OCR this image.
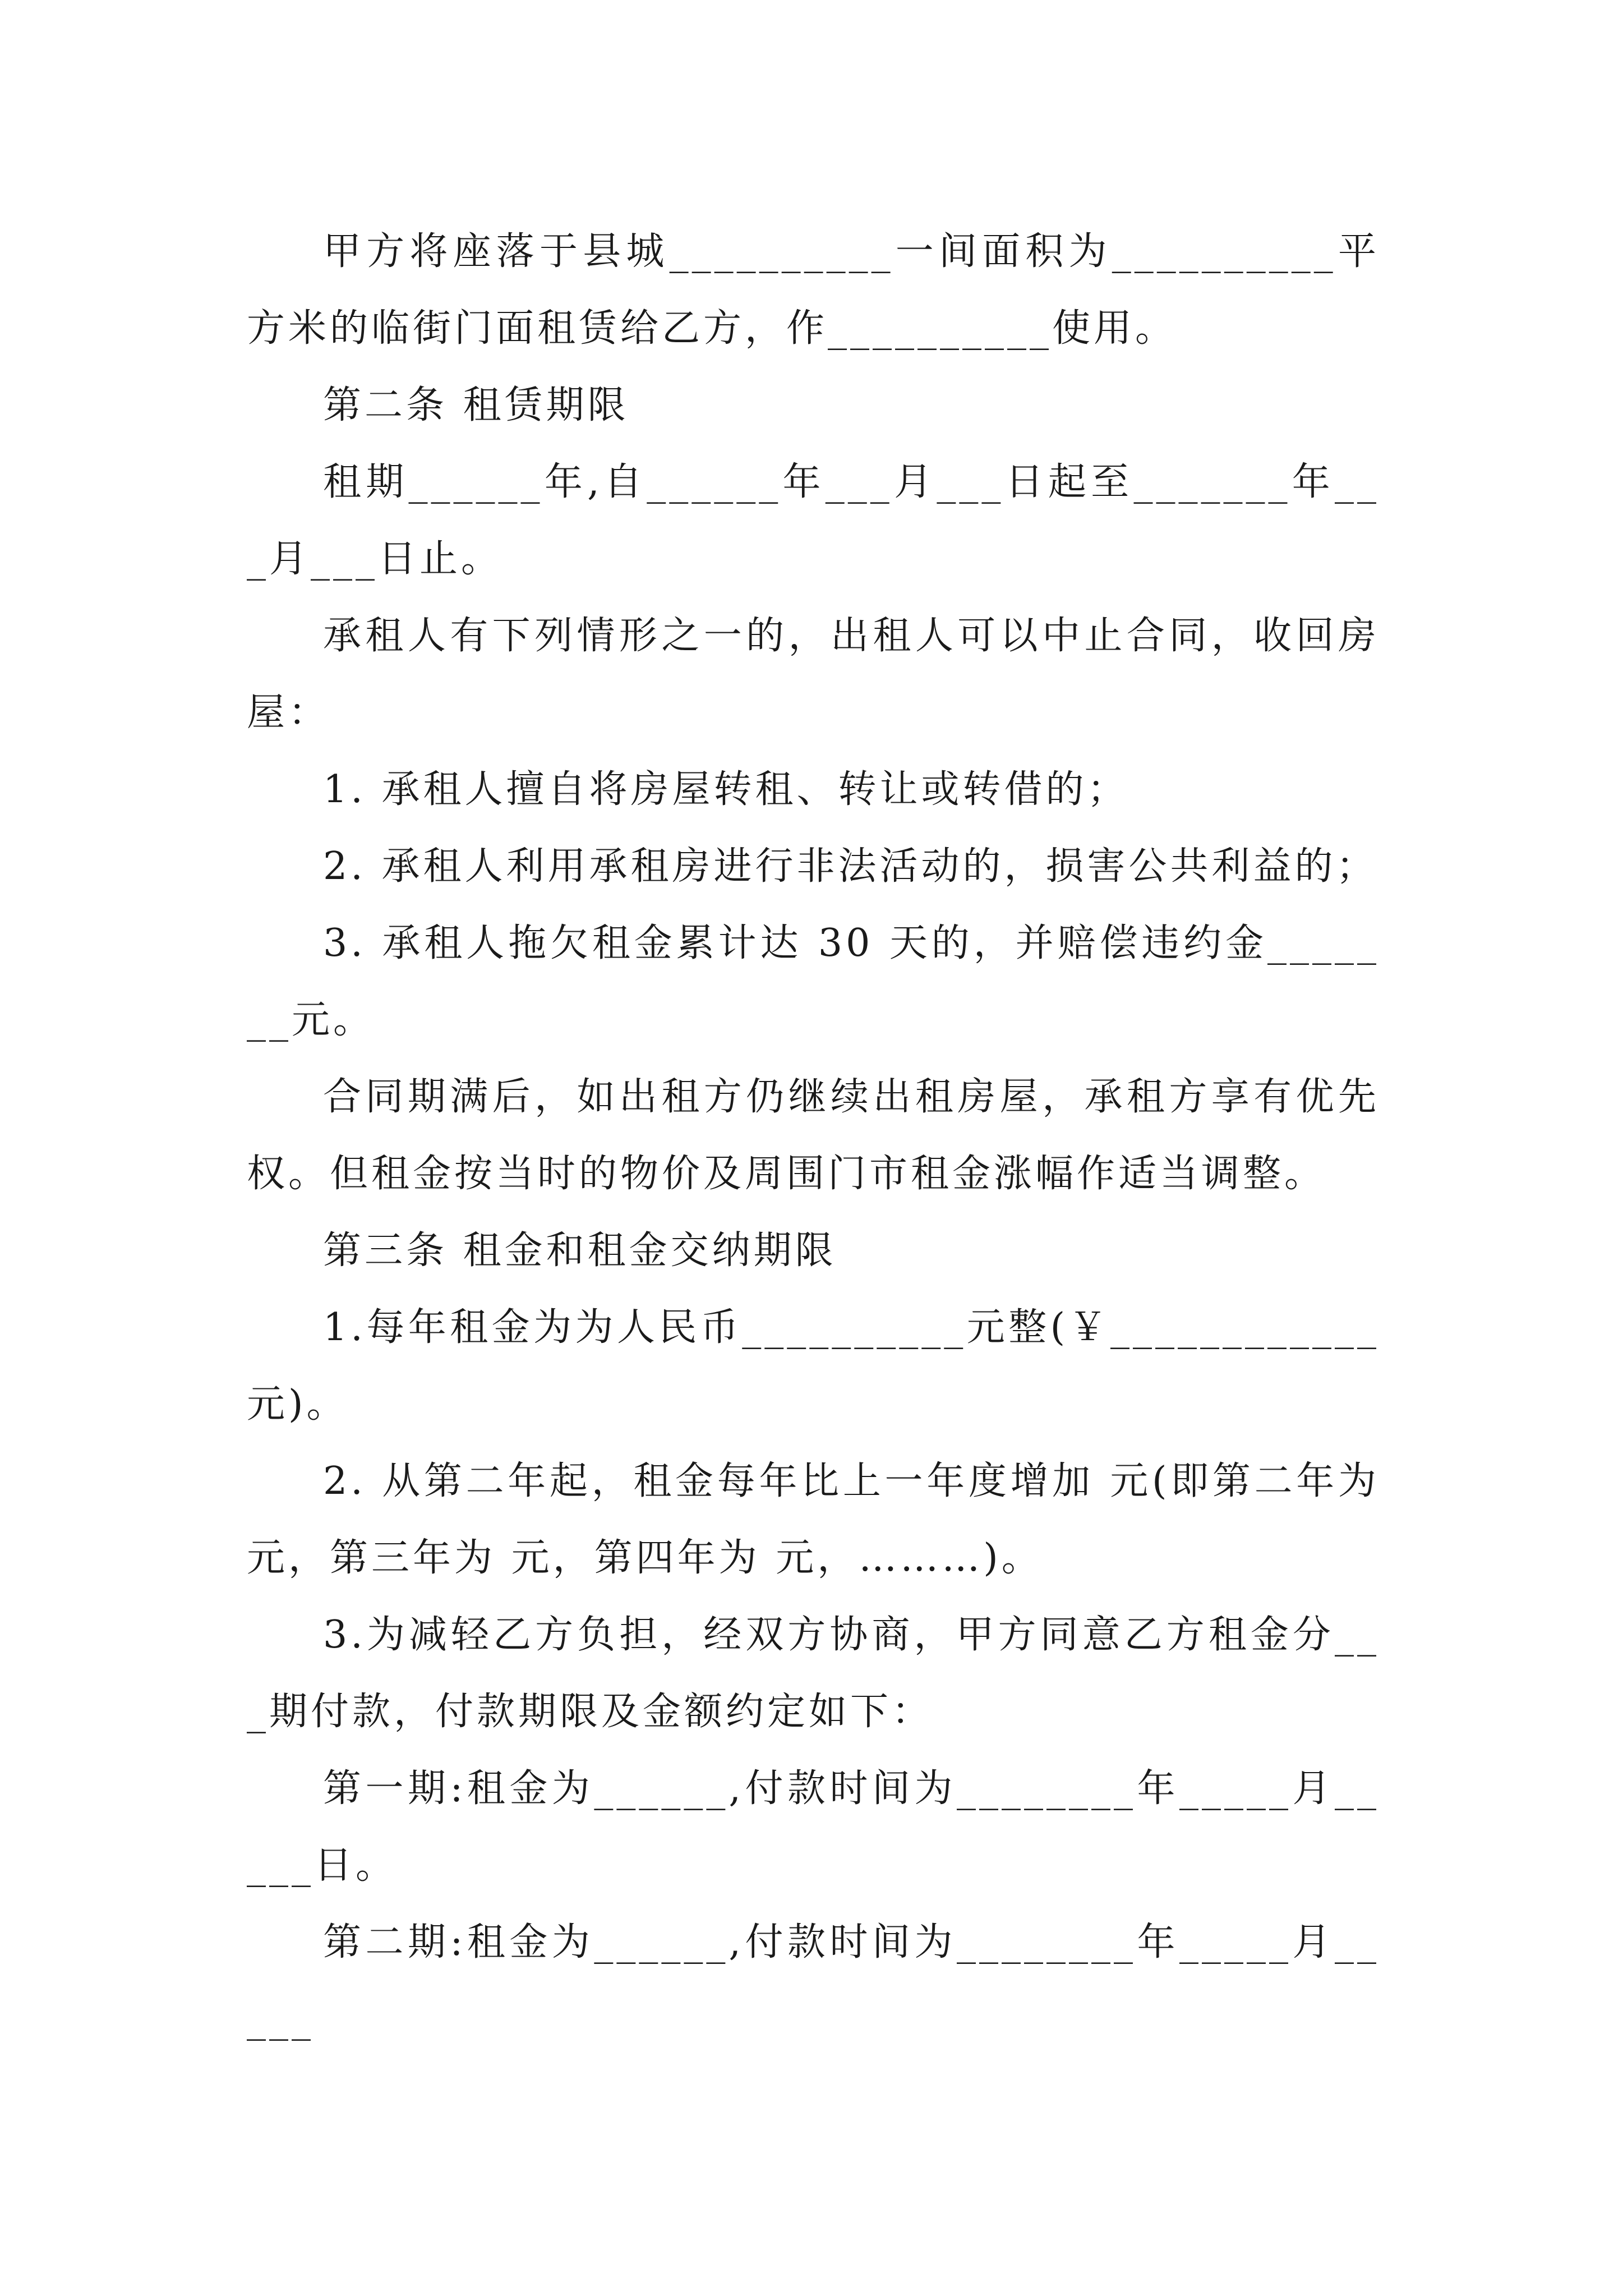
甲方将座落于县城__________一间面积为__________平方米的临街门面租赁给乙方，作__________使用。

第二条 租赁期限

租期______年,自______年___月___日起至_______年___月___日止。

承租人有下列情形之一的，出租人可以中止合同，收回房屋：

1. 承租人擅自将房屋转租、转让或转借的；

2. 承租人利用承租房进行非法活动的，损害公共利益的；

3. 承租人拖欠租金累计达 30 天的，并赔偿违约金_______元。

合同期满后，如出租方仍继续出租房屋，承租方享有优先权。但租金按当时的物价及周围门市租金涨幅作适当调整。

第三条 租金和租金交纳期限

1.每年租金为为人民币__________元整(￥____________元)。

2. 从第二年起，租金每年比上一年度增加 元(即第二年为 元，第三年为 元，第四年为 元，………)。

3.为减轻乙方负担，经双方协商，甲方同意乙方租金分___期付款，付款期限及金额约定如下：

第一期:租金为______,付款时间为________年_____月_____日。

第二期:租金为______,付款时间为________年_____月_____
